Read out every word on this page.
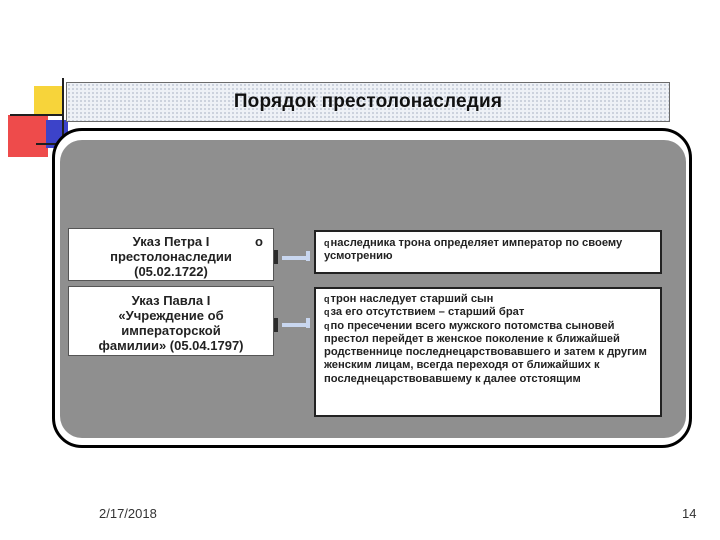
Порядок престолонаследия
Указ Петра I	о
престолонаследии
(05.02.1722)
Указ Павла I
«Учреждение об
императорской
фамилии» (05.04.1797)
qнаследника трона определяет император по своему усмотрению
qтрон наследует старший сын
qза его отсутствием – старший брат
qпо пресечении всего мужского потомства сыновей престол перейдет в женское поколение к ближайшей родственнице последнецарствовавшего и затем к другим женским лицам, всегда переходя от ближайших к последнецарствовавшему к далее отстоящим
2/17/2018	14
